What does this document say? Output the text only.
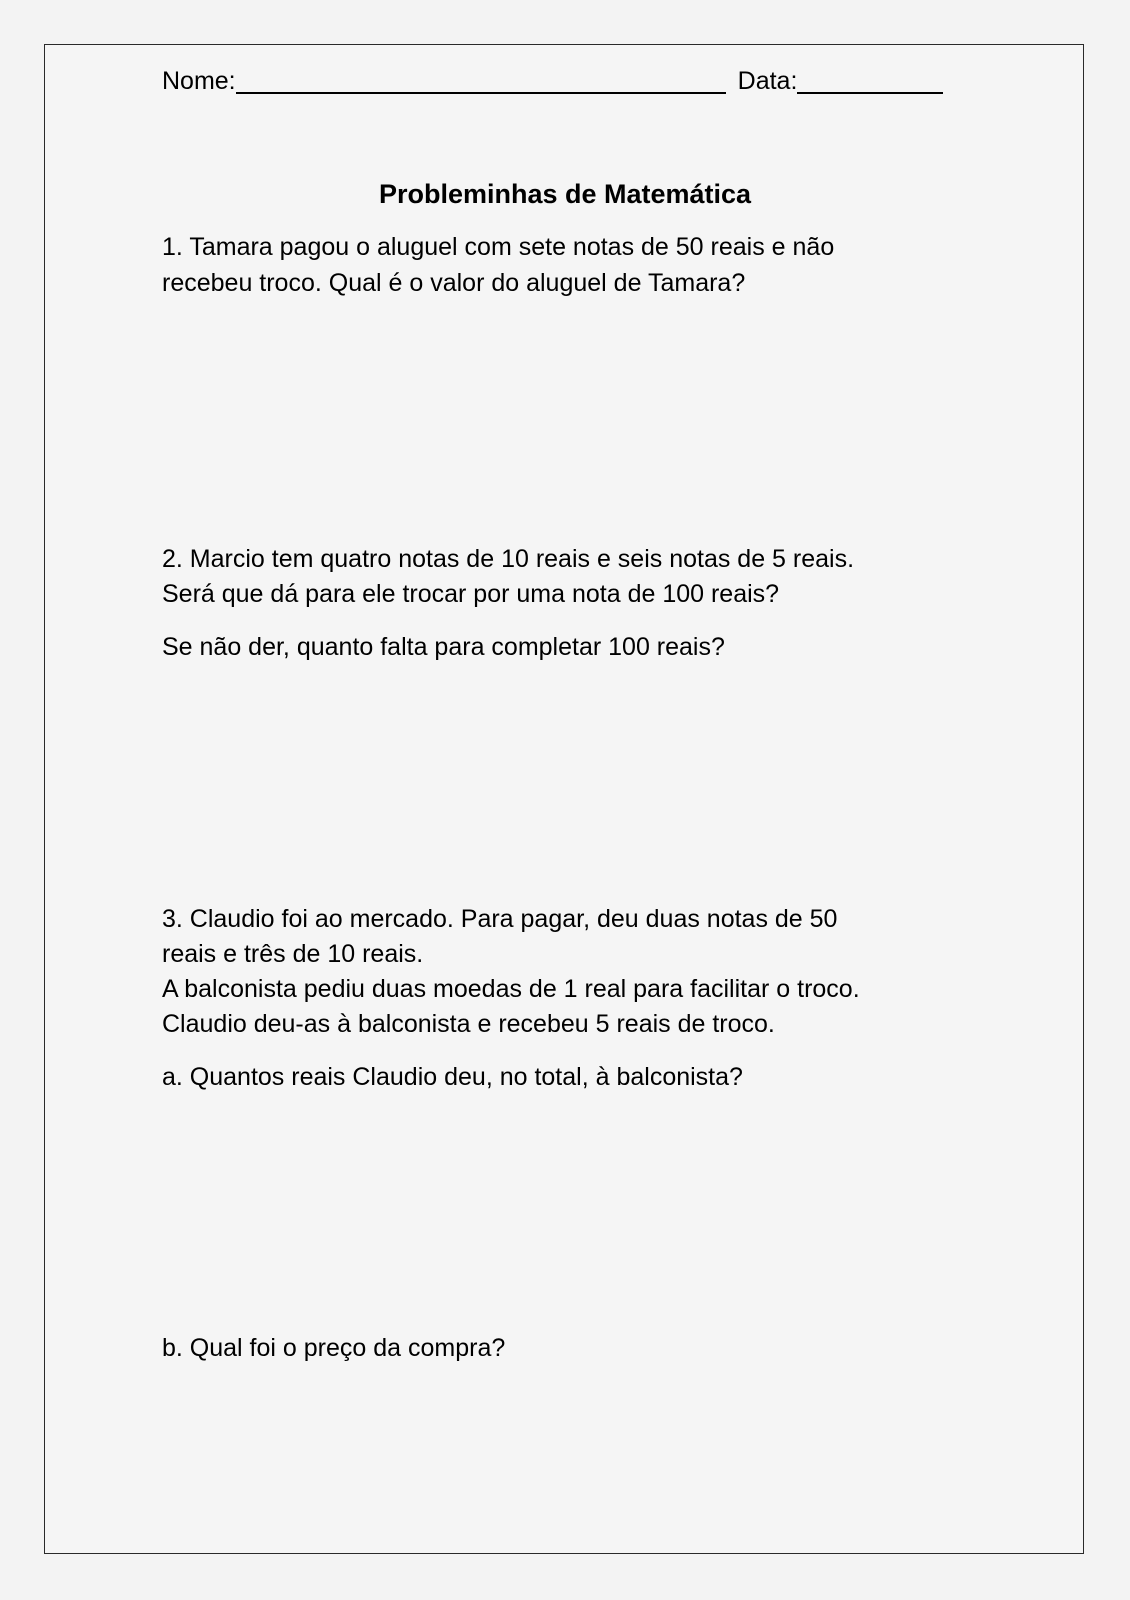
Nome:	Data:
Probleminhas de Matemática
1. Tamara pagou o aluguel com sete notas de 50 reais e não
recebeu troco. Qual é o valor do aluguel de Tamara?
2. Marcio tem quatro notas de 10 reais e seis notas de 5 reais.
Será que dá para ele trocar por uma nota de 100 reais?
Se não der, quanto falta para completar 100 reais?
3. Claudio foi ao mercado. Para pagar, deu duas notas de 50
reais e três de 10 reais.
A balconista pediu duas moedas de 1 real para facilitar o troco.
Claudio deu-as à balconista e recebeu 5 reais de troco.
a. Quantos reais Claudio deu, no total, à balconista?
b. Qual foi o preço da compra?
